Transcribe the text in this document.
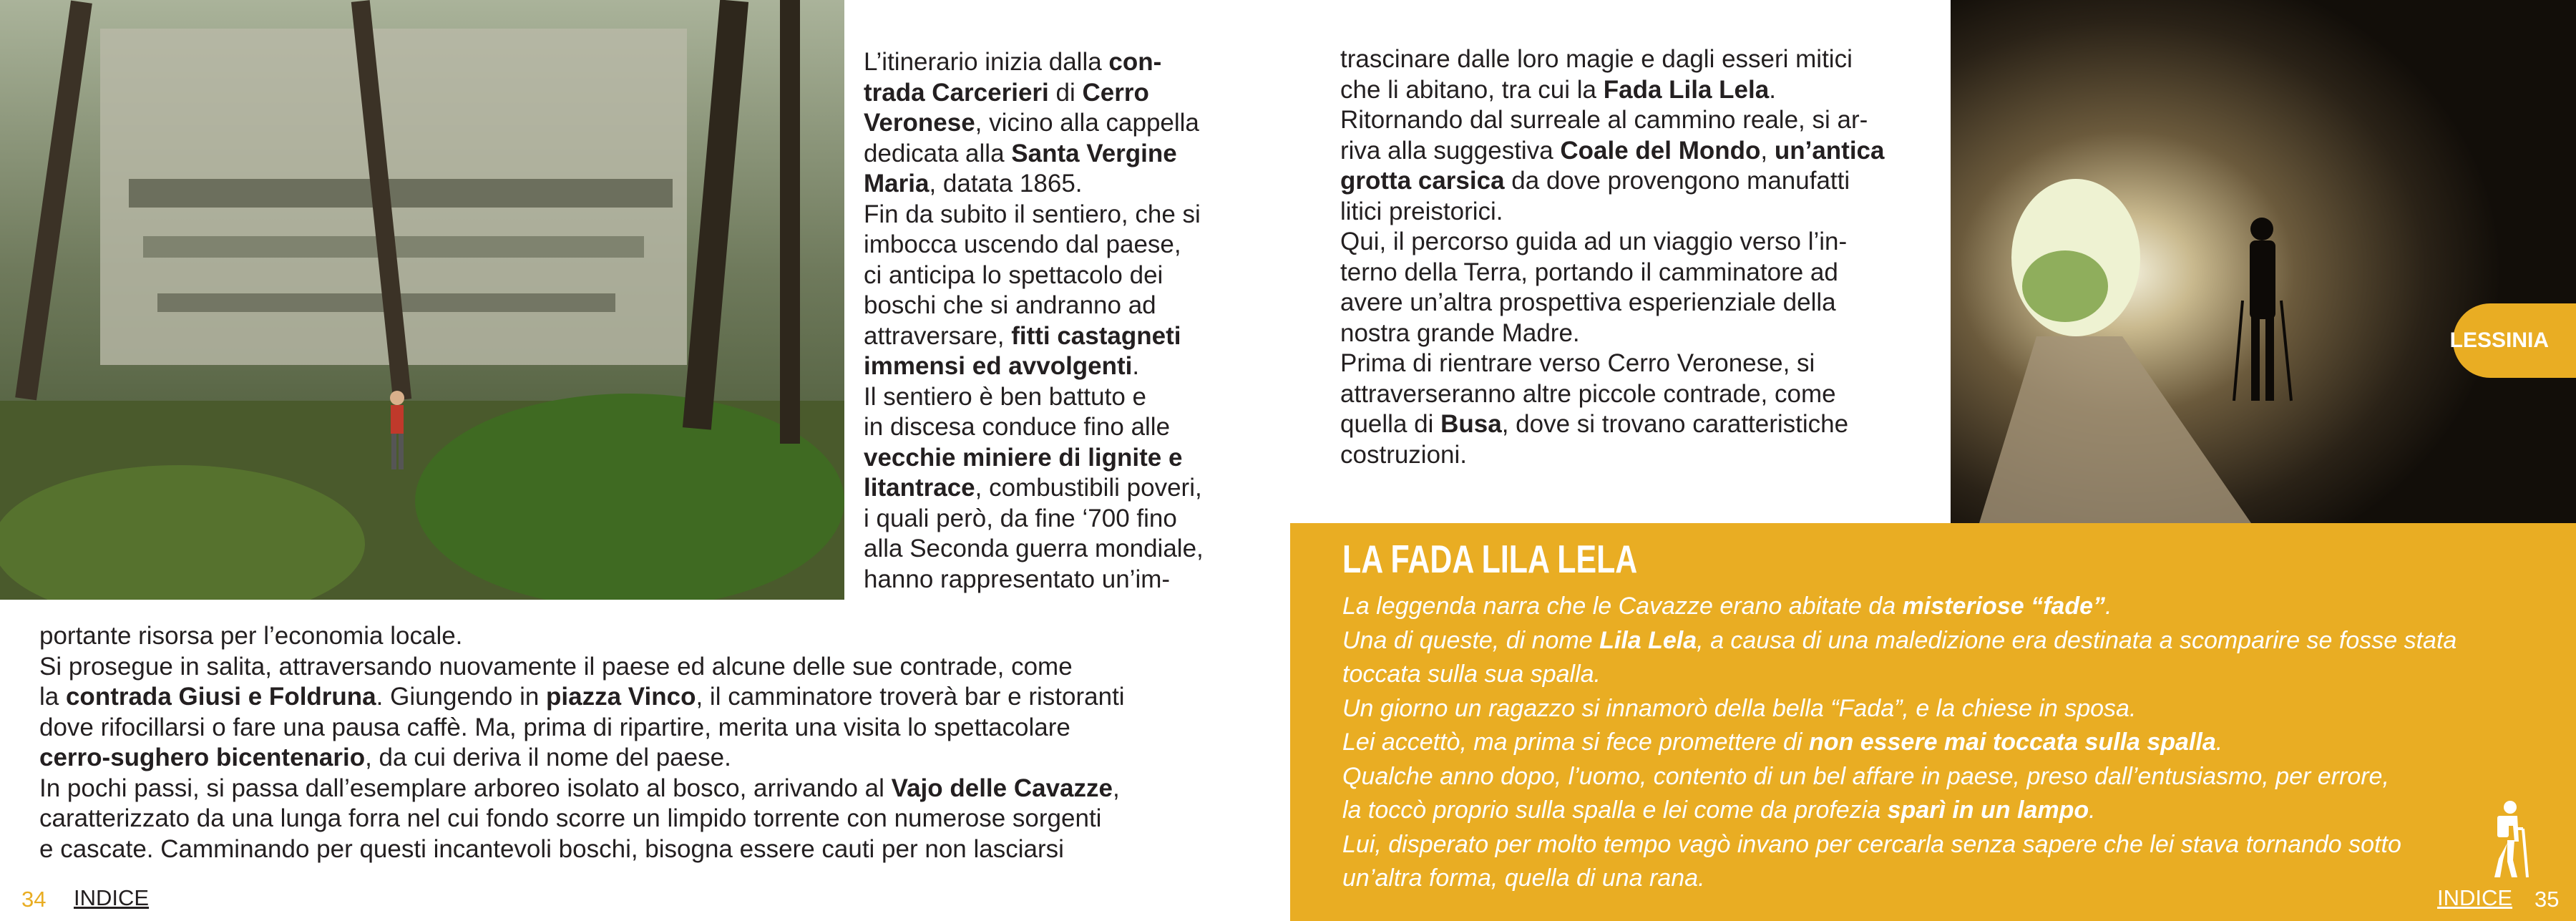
L’itinerario inizia dalla con-
trada Carcerieri di Cerro
Veronese, vicino alla cappella
dedicata alla Santa Vergine
Maria, datata 1865.
Fin da subito il sentiero, che si
imbocca uscendo dal paese,
ci anticipa lo spettacolo dei
boschi che si andranno ad
attraversare, fitti castagneti
immensi ed avvolgenti.
Il sentiero è ben battuto e
in discesa conduce fino alle
vecchie miniere di lignite e
litantrace, combustibili poveri,
i quali però, da fine ‘700 fino
alla Seconda guerra mondiale,
hanno rappresentato un’im-
portante risorsa per l’economia locale.
Si prosegue in salita, attraversando nuovamente il paese ed alcune delle sue contrade, come
la contrada Giusi e Foldruna. Giungendo in piazza Vinco, il camminatore troverà bar e ristoranti
dove rifocillarsi o fare una pausa caffè. Ma, prima di ripartire, merita una visita lo spettacolare
cerro-sughero bicentenario, da cui deriva il nome del paese.
In pochi passi, si passa dall’esemplare arboreo isolato al bosco, arrivando al Vajo delle Cavazze,
caratterizzato da una lunga forra nel cui fondo scorre un limpido torrente con numerose sorgenti
e cascate. Camminando per questi incantevoli boschi, bisogna essere cauti per non lasciarsi
34 INDICE
trascinare dalle loro magie e dagli esseri mitici
che li abitano, tra cui la Fada Lila Lela.
Ritornando dal surreale al cammino reale, si ar-
riva alla suggestiva Coale del Mondo, un’antica
grotta carsica da dove provengono manufatti
litici preistorici.
Qui, il percorso guida ad un viaggio verso l’in-
terno della Terra, portando il camminatore ad
avere un’altra prospettiva esperienziale della
nostra grande Madre.
Prima di rientrare verso Cerro Veronese, si
attraverseranno altre piccole contrade, come
quella di Busa, dove si trovano caratteristiche
costruzioni.
LESSINIA
LA FADA LILA LELA
La leggenda narra che le Cavazze erano abitate da misteriose “fade”.
Una di queste, di nome Lila Lela, a causa di una maledizione era destinata a scomparire se fosse stata
toccata sulla sua spalla.
Un giorno un ragazzo si innamorò della bella “Fada”, e la chiese in sposa.
Lei accettò, ma prima si fece promettere di non essere mai toccata sulla spalla.
Qualche anno dopo, l’uomo, contento di un bel affare in paese, preso dall’entusiasmo, per errore,
la toccò proprio sulla spalla e lei come da profezia sparì in un lampo.
Lui, disperato per molto tempo vagò invano per cercarla senza sapere che lei stava tornando sotto
un’altra forma, quella di una rana.
INDICE 35
